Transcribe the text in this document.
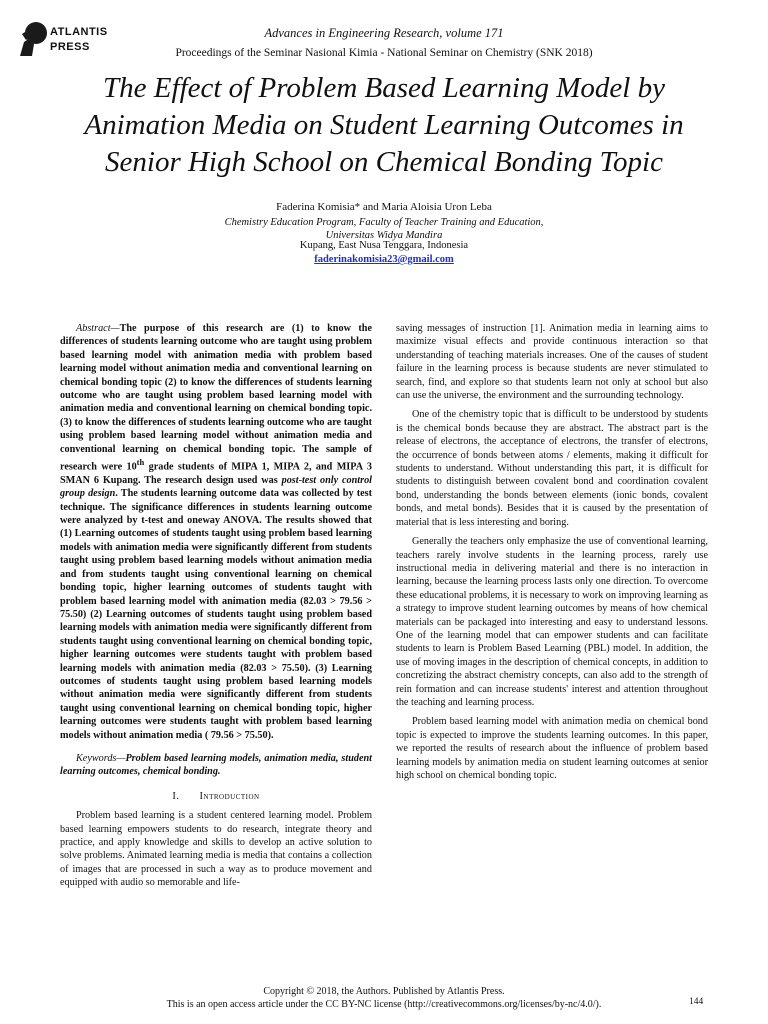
ATLANTIS
PRESS
Advances in Engineering Research, volume 171
Proceedings of the Seminar Nasional Kimia - National Seminar on Chemistry (SNK 2018)
The Effect of Problem Based Learning Model by
Animation Media on Student Learning Outcomes in
Senior High School on Chemical Bonding Topic
Faderina Komisia* and Maria Aloisia Uron Leba
Chemistry Education Program, Faculty of Teacher Training and Education,
Universitas Widya Mandira
Kupang, East Nusa Tenggara, Indonesia
faderinakomisia23@gmail.com

Abstract—The purpose of this research are (1) to know the differences of students learning outcome who are taught using problem based learning model with animation media with problem based learning model without animation media and conventional learning on chemical bonding topic (2) to know the differences of students learning outcome who are taught using problem based learning model with animation media and conventional learning on chemical bonding topic. (3) to know the differences of students learning outcome who are taught using problem based learning model without animation media and conventional learning on chemical bonding topic. The sample of research were 10th grade students of MIPA 1, MIPA 2, and MIPA 3 SMAN 6 Kupang. The research design used was post-test only control group design. The students learning outcome data was collected by test technique. The significance differences in students learning outcome were analyzed by t-test and oneway ANOVA. The results showed that (1) Learning outcomes of students taught using problem based learning models with animation media were significantly different from students taught using problem based learning models without animation media and from students taught using conventional learning on chemical bonding topic, higher learning outcomes of students taught with problem based learning model with animation media (82.03 > 79.56 > 75.50) (2) Learning outcomes of students taught using problem based learning models with animation media were significantly different from students taught using conventional learning on chemical bonding topic, higher learning outcomes were students taught with problem based learning models with animation media (82.03 > 75.50). (3) Learning outcomes of students taught using problem based learning models without animation media were significantly different from students taught using conventional learning on chemical bonding topic, higher learning outcomes were students taught with problem based learning models without animation media ( 79.56 > 75.50).

Keywords—Problem based learning models, animation media, student learning outcomes, chemical bonding.
I. Introduction

Problem based learning is a student centered learning model. Problem based learning empowers students to do research, integrate theory and practice, and apply knowledge and skills to develop an active solution to solve problems. Animated learning media is media that contains a collection of images that are processed in such a way as to produce movement and equipped with audio so memorable and life-

saving messages of instruction [1]. Animation media in learning aims to maximize visual effects and provide continuous interaction so that understanding of teaching materials increases. One of the causes of student failure in the learning process is because students are never stimulated to search, find, and explore so that students learn not only at school but also can use the universe, the environment and the surrounding technology.

One of the chemistry topic that is difficult to be understood by students is the chemical bonds because they are abstract. The abstract part is the release of electrons, the acceptance of electrons, the transfer of electrons, the occurrence of bonds between atoms / elements, making it difficult for students to understand. Without understanding this part, it is difficult for students to distinguish between covalent bond and coordination covalent bond, understanding the bonds between elements (ionic bonds, covalent bonds, and metal bonds). Besides that it is caused by the presentation of material that is less interesting and boring.

Generally the teachers only emphasize the use of conventional learning, teachers rarely involve students in the learning process, rarely use instructional media in delivering material and there is no interaction in learning, because the learning process lasts only one direction. To overcome these educational problems, it is necessary to work on improving learning as a strategy to improve student learning outcomes by means of how chemical materials can be packaged into interesting and easy to understand lessons. One of the learning model that can empower students and can facilitate students to learn is Problem Based Learning (PBL) model. In addition, the use of moving images in the description of chemical concepts, in addition to concretizing the abstract chemistry concepts, can also add to the strength of rein formation and can increase students' interest and attention throughout the teaching and learning process.

Problem based learning model with animation media on chemical bond topic is expected to improve the students learning outcomes. In this paper, we reported the results of research about the influence of problem based learning models by animation media on student learning outcomes at senior high school on chemical bonding topic.

Copyright © 2018, the Authors. Published by Atlantis Press.
This is an open access article under the CC BY-NC license (http://creativecommons.org/licenses/by-nc/4.0/).	144
